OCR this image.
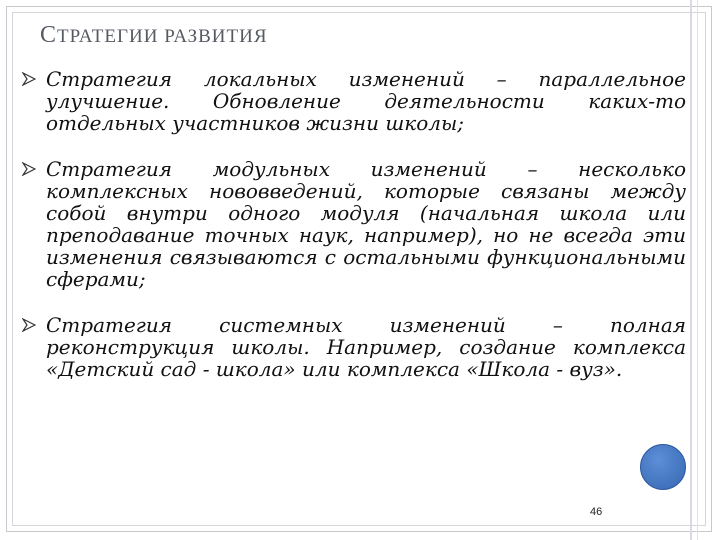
СТРАТЕГИИ РАЗВИТИЯ
Стратегия локальных изменений – параллельное улучшение. Обновление деятельности каких-то отдельных участников жизни школы;
Стратегия модульных изменений – несколько комплексных нововведений, которые связаны между собой внутри одного модуля (начальная школа или преподавание точных наук, например), но не всегда эти изменения связываются с остальными функциональными сферами;
Стратегия системных изменений – полная реконструкция школы. Например, создание комплекса «Детский сад - школа» или комплекса «Школа - вуз».
46
